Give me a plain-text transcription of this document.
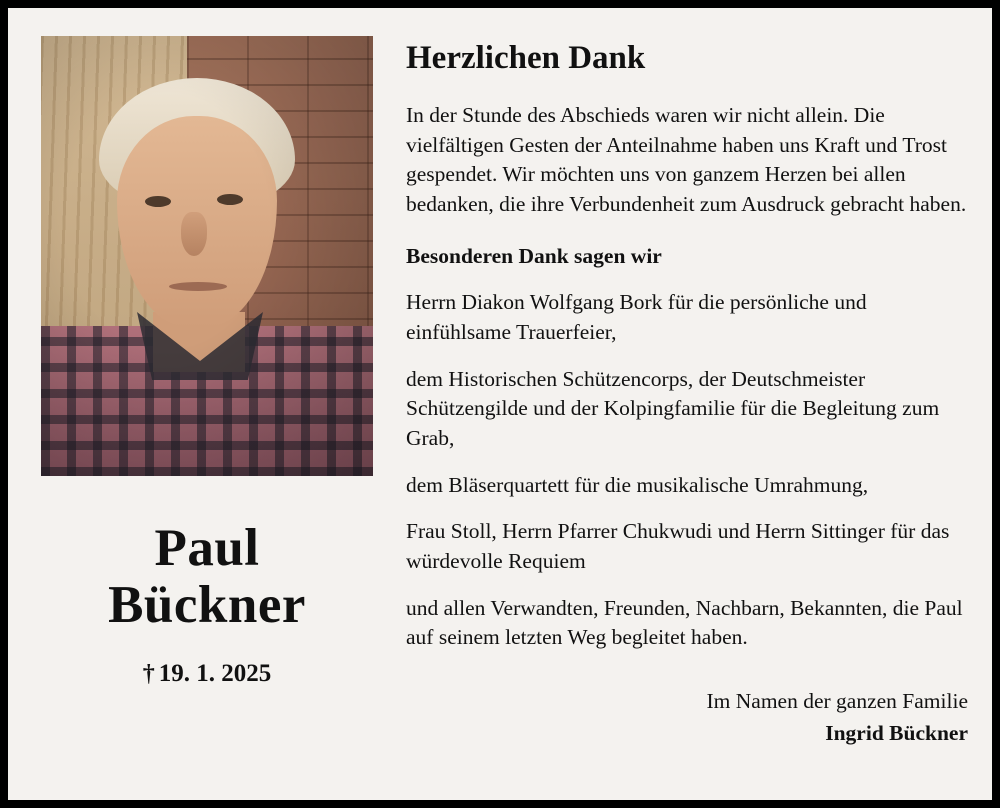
Paul
Bückner
† 19. 1. 2025
Herzlichen Dank

In der Stunde des Abschieds waren wir nicht allein. Die vielfältigen Gesten der Anteilnahme haben uns Kraft und Trost gespendet. Wir möchten uns von ganzem Herzen bei allen bedanken, die ihre Verbundenheit zum Ausdruck gebracht haben.

Besonderen Dank sagen wir

Herrn Diakon Wolfgang Bork für die persönliche und einfühlsame Trauerfeier,

dem Historischen Schützencorps, der Deutschmeister Schützengilde und der Kolpingfamilie für die Begleitung zum Grab,

dem Bläserquartett für die musikalische Umrahmung,

Frau Stoll, Herrn Pfarrer Chukwudi und Herrn Sittinger für das würdevolle Requiem

und allen Verwandten, Freunden, Nachbarn, Bekannten, die Paul auf seinem letzten Weg begleitet haben.

Im Namen der ganzen Familie
Ingrid Bückner
